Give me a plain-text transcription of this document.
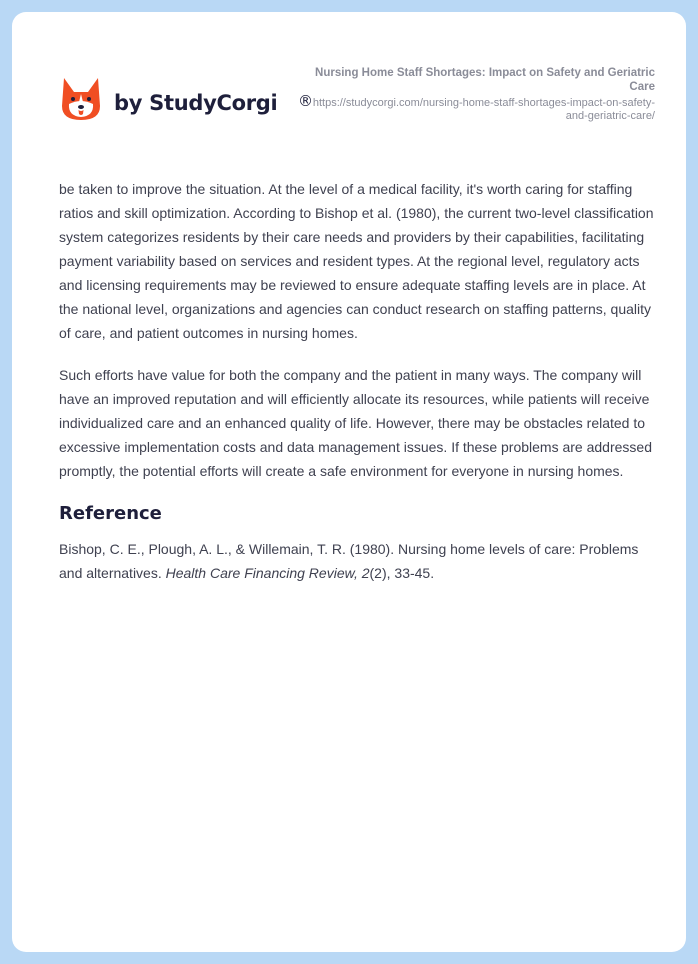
by StudyCorgi ®
Nursing Home Staff Shortages: Impact on Safety and Geriatric Care
https://studycorgi.com/nursing-home-staff-shortages-impact-on-safety-and-geriatric-care/

be taken to improve the situation. At the level of a medical facility, it's worth caring for staffing ratios and skill optimization. According to Bishop et al. (1980), the current two-level classification system categorizes residents by their care needs and providers by their capabilities, facilitating payment variability based on services and resident types. At the regional level, regulatory acts and licensing requirements may be reviewed to ensure adequate staffing levels are in place. At the national level, organizations and agencies can conduct research on staffing patterns, quality of care, and patient outcomes in nursing homes.

Such efforts have value for both the company and the patient in many ways. The company will have an improved reputation and will efficiently allocate its resources, while patients will receive individualized care and an enhanced quality of life. However, there may be obstacles related to excessive implementation costs and data management issues. If these problems are addressed promptly, the potential efforts will create a safe environment for everyone in nursing homes.

Reference

Bishop, C. E., Plough, A. L., & Willemain, T. R. (1980). Nursing home levels of care: Problems and alternatives. Health Care Financing Review, 2(2), 33-45.
